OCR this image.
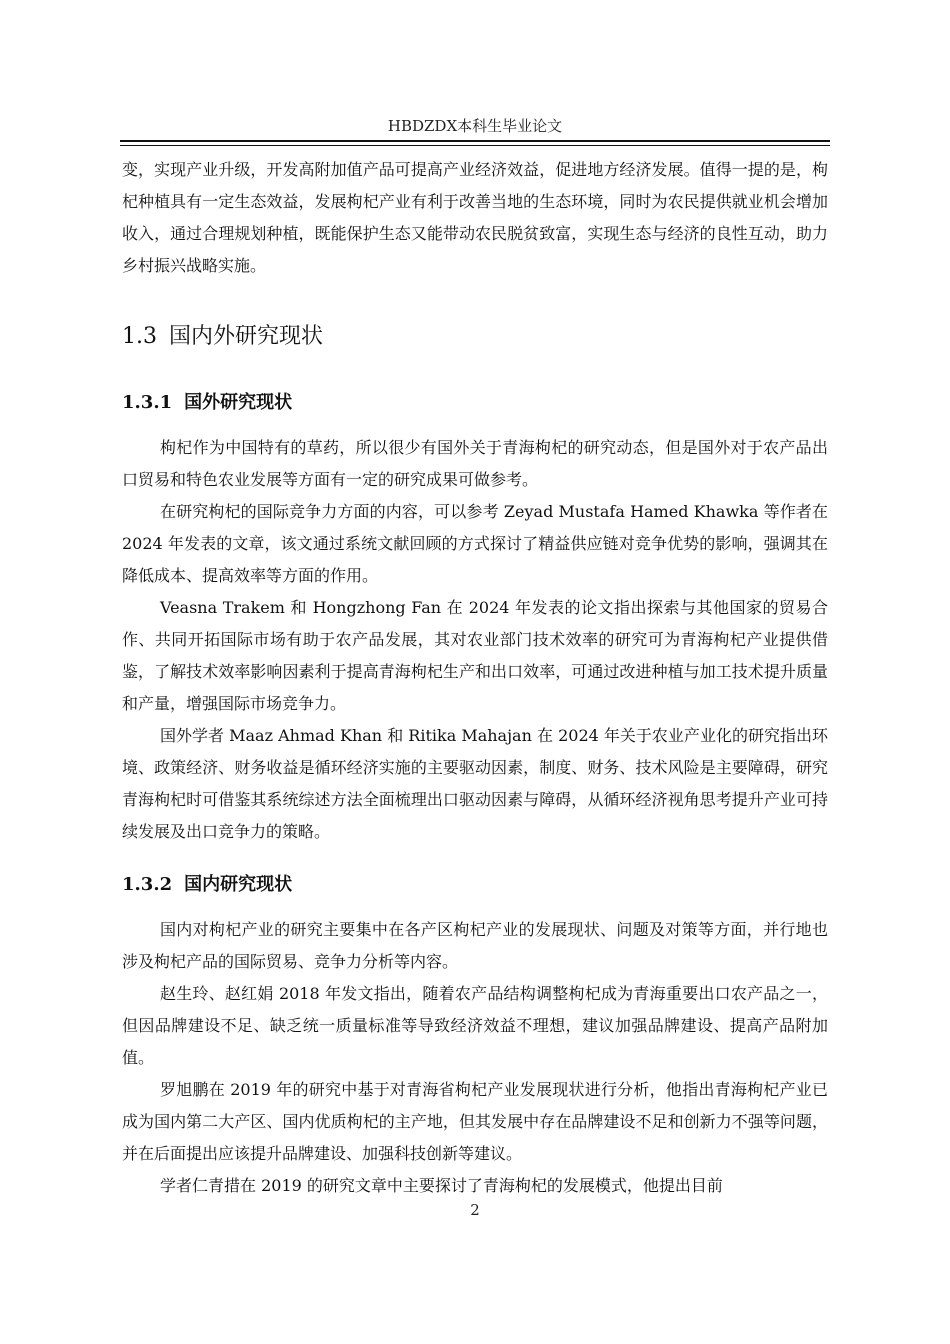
HBDZDX本科生毕业论文

变，实现产业升级，开发高附加值产品可提高产业经济效益，促进地方经济发展。值得一提的是，枸杞种植具有一定生态效益，发展枸杞产业有利于改善当地的生态环境，同时为农民提供就业机会增加收入，通过合理规划种植，既能保护生态又能带动农民脱贫致富，实现生态与经济的良性互动，助力乡村振兴战略实施。

1.3 国内外研究现状
1.3.1 国外研究现状

枸杞作为中国特有的草药，所以很少有国外关于青海枸杞的研究动态，但是国外对于农产品出口贸易和特色农业发展等方面有一定的研究成果可做参考。

在研究枸杞的国际竞争力方面的内容，可以参考 Zeyad Mustafa Hamed Khawka 等作者在 2024 年发表的文章，该文通过系统文献回顾的方式探讨了精益供应链对竞争优势的影响，强调其在降低成本、提高效率等方面的作用。

Veasna Trakem 和 Hongzhong Fan 在 2024 年发表的论文指出探索与其他国家的贸易合作、共同开拓国际市场有助于农产品发展，其对农业部门技术效率的研究可为青海枸杞产业提供借鉴，了解技术效率影响因素利于提高青海枸杞生产和出口效率，可通过改进种植与加工技术提升质量和产量，增强国际市场竞争力。

国外学者 Maaz Ahmad Khan 和 Ritika Mahajan 在 2024 年关于农业产业化的研究指出环境、政策经济、财务收益是循环经济实施的主要驱动因素，制度、财务、技术风险是主要障碍，研究青海枸杞时可借鉴其系统综述方法全面梳理出口驱动因素与障碍，从循环经济视角思考提升产业可持续发展及出口竞争力的策略。

1.3.2 国内研究现状

国内对枸杞产业的研究主要集中在各产区枸杞产业的发展现状、问题及对策等方面，并行地也涉及枸杞产品的国际贸易、竞争力分析等内容。

赵生玲、赵红娟 2018 年发文指出，随着农产品结构调整枸杞成为青海重要出口农产品之一，但因品牌建设不足、缺乏统一质量标准等导致经济效益不理想，建议加强品牌建设、提高产品附加值。

罗旭鹏在 2019 年的研究中基于对青海省枸杞产业发展现状进行分析，他指出青海枸杞产业已成为国内第二大产区、国内优质枸杞的主产地，但其发展中存在品牌建设不足和创新力不强等问题，并在后面提出应该提升品牌建设、加强科技创新等建议。

学者仁青措在 2019 的研究文章中主要探讨了青海枸杞的发展模式，他提出目前

2
